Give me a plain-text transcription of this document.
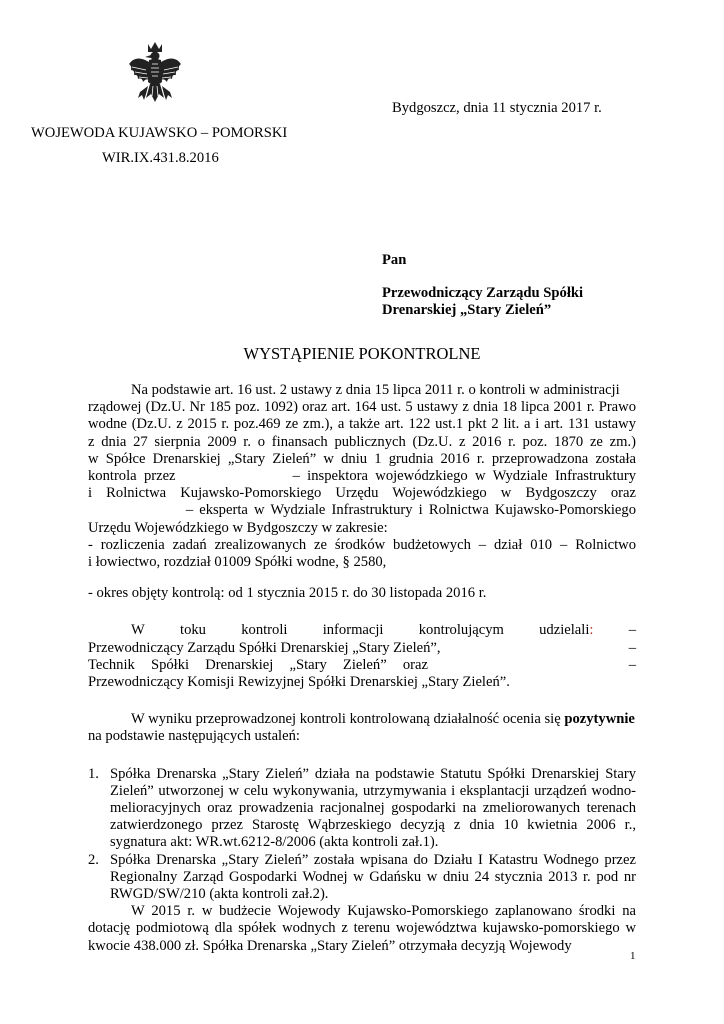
Bydgoszcz, dnia 11 stycznia 2017 r.
WOJEWODA KUJAWSKO – POMORSKI
WIR.IX.431.8.2016
Pan
Przewodniczący Zarządu Spółki
Drenarskiej „Stary Zieleń”
WYSTĄPIENIE POKONTROLNE
Na podstawie art. 16 ust. 2 ustawy z dnia 15 lipca 2011 r. o kontroli w administracji
rządowej (Dz.U. Nr 185 poz. 1092) oraz art. 164 ust. 5 ustawy z dnia 18 lipca 2001 r. Prawo
wodne (Dz.U. z 2015 r. poz.469 ze zm.), a także art. 122 ust.1 pkt 2 lit. a i art. 131 ustawy
z dnia 27 sierpnia 2009 r. o finansach publicznych (Dz.U. z 2016 r. poz. 1870 ze zm.)
w Spółce Drenarskiej „Stary Zieleń” w dniu 1 grudnia 2016 r. przeprowadzona została
kontrola przez                – inspektora wojewódzkiego w Wydziale Infrastruktury
i Rolnictwa Kujawsko-Pomorskiego Urzędu Wojewódzkiego w Bydgoszczy oraz
– eksperta w Wydziale Infrastruktury i Rolnictwa Kujawsko-Pomorskiego
Urzędu Wojewódzkiego w Bydgoszczy w zakresie:
- rozliczenia zadań zrealizowanych ze środków budżetowych – dział 010 – Rolnictwo
i łowiectwo, rozdział 01009 Spółki wodne, § 2580,
- okres objęty kontrolą: od 1 stycznia 2015 r. do 30 listopada 2016 r.
W toku kontroli informacji kontrolującym udzielali: –
Przewodniczący Zarządu Spółki Drenarskiej „Stary Zieleń”,	–
Technik Spółki Drenarskiej „Stary Zieleń” oraz	–
Przewodniczący Komisji Rewizyjnej Spółki Drenarskiej „Stary Zieleń”.
W wyniku przeprowadzonej kontroli kontrolowaną działalność ocenia się pozytywnie
na podstawie następujących ustaleń:
1. Spółka Drenarska „Stary Zieleń” działa na podstawie Statutu Spółki Drenarskiej Stary Zieleń” utworzonej w celu wykonywania, utrzymywania i eksplantacji urządzeń wodno-melioracyjnych oraz prowadzenia racjonalnej gospodarki na zmeliorowanych terenach zatwierdzonego przez Starostę Wąbrzeskiego decyzją z dnia 10 kwietnia 2006 r., sygnatura akt: WR.wt.6212-8/2006 (akta kontroli zał.1).
2. Spółka Drenarska „Stary Zieleń” została wpisana do Działu I Katastru Wodnego przez Regionalny Zarząd Gospodarki Wodnej w Gdańsku w dniu 24 stycznia 2013 r. pod nr RWGD/SW/210 (akta kontroli zał.2).
W 2015 r. w budżecie Wojewody Kujawsko-Pomorskiego zaplanowano środki na dotację podmiotową dla spółek wodnych z terenu województwa kujawsko-pomorskiego w kwocie 438.000 zł. Spółka Drenarska „Stary Zieleń” otrzymała decyzją Wojewody
1
